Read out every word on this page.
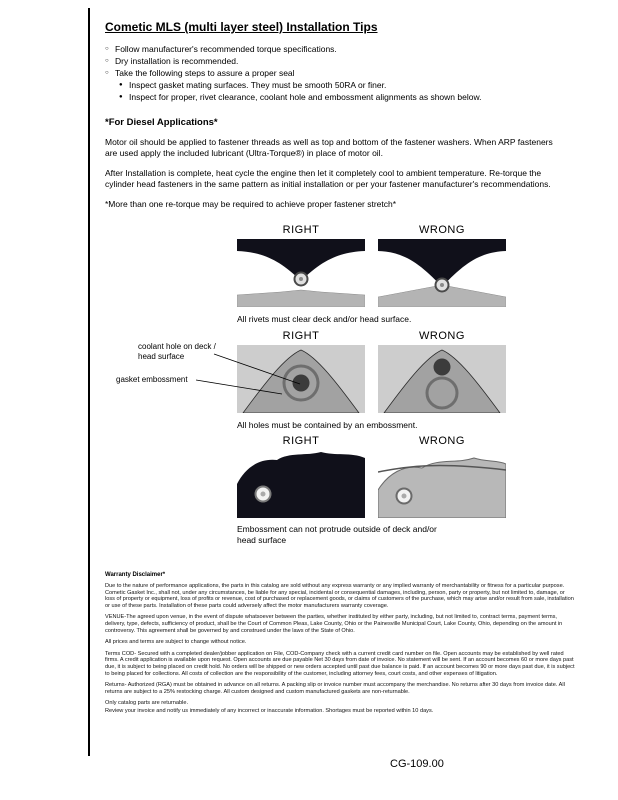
Cometic MLS (multi layer steel) Installation Tips
○ Follow manufacturer's recommended torque specifications.
○ Dry installation is recommended.
○ Take the following steps to assure a proper seal
● Inspect gasket mating surfaces. They must be smooth 50RA or finer.
● Inspect for proper, rivet clearance, coolant hole and embossment alignments as shown below.
*For Diesel Applications*

Motor oil should be applied to fastener threads as well as top and bottom of the fastener washers. When ARP fasteners are used apply the included lubricant (Ultra-Torque®) in place of motor oil.

After Installation is complete, heat cycle the engine then let it completely cool to ambient temperature. Re-torque the cylinder head fasteners in the same pattern as initial installation or per your fastener manufacturer's recommendations.

*More than one re-torque may be required to achieve proper fastener stretch*

RIGHT	WRONG
All rivets must clear deck and/or head surface.
RIGHT	WRONG
All holes must be contained by an embossment.
RIGHT	WRONG
Embossment can not protrude outside of deck and/or head surface
coolant hole on deck / head surface
gasket embossment
Warranty Disclaimer*

Due to the nature of performance applications, the parts in this catalog are sold without any express warranty or any implied warranty of merchantability or fitness for a particular purpose. Cometic Gasket Inc., shall not, under any circumstances, be liable for any special, incidental or consequential damages, including, person, party or property, but not limited to, damage, or loss of property or equipment, loss of profits or revenue, cost of purchased or replacement goods, or claims of customers of the purchase, which may arise and/or result from sale, installation or use of these parts. Installation of these parts could adversely affect the motor manufacturers warranty coverage.

VENUE-The agreed upon venue, in the event of dispute whatsoever between the parties, whether instituted by either party, including, but not limited to, contract terms, payment terms, delivery, type, defects, sufficiency of product, shall be the Court of Common Pleas, Lake County, Ohio or the Painesville Municipal Court, Lake County, Ohio, depending on the amount in controversy. This agreement shall be governed by and construed under the laws of the State of Ohio.

All prices and terms are subject to change without notice.

Terms COD- Secured with a completed dealer/jobber application on File, COD-Company check with a current credit card number on file. Open accounts may be established by well rated firms. A credit application is available upon request. Open accounts are due payable Net 30 days from date of invoice. No statement will be sent. If an account becomes 60 or more days past due, it is subject to being placed on credit hold. No orders will be shipped or new orders accepted until past due balance is paid. If an account becomes 90 or more days past due, it is subject to being placed for collections. All costs of collection are the responsibility of the customer, including attorney fees, court costs, and other expenses of litigation.

Returns- Authorized (RGA) must be obtained in advance on all returns. A packing slip or invoice number must accompany the merchandise. No returns after 30 days from invoice date. All returns are subject to a 25% restocking charge. All custom designed and custom manufactured gaskets are non-returnable.

Only catalog parts are returnable.

Review your invoice and notify us immediately of any incorrect or inaccurate information. Shortages must be reported within 10 days.

CG-109.00
